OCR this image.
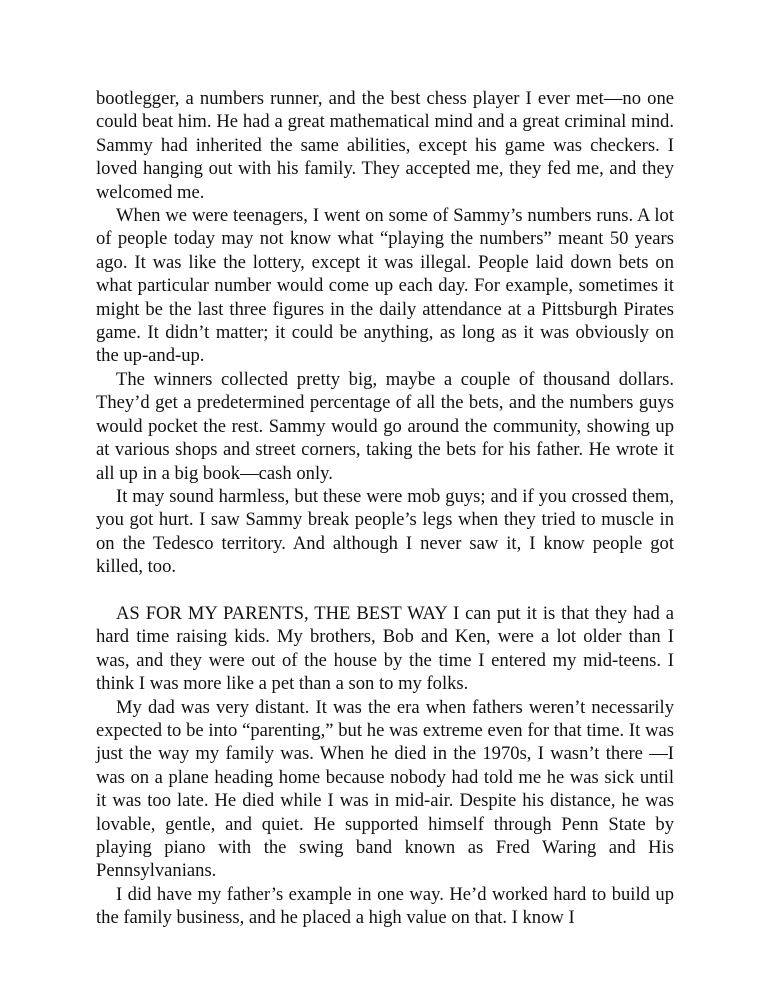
bootlegger, a numbers runner, and the best chess player I ever met—no one could beat him. He had a great mathematical mind and a great criminal mind. Sammy had inherited the same abilities, except his game was checkers. I loved hanging out with his family. They accepted me, they fed me, and they welcomed me.

When we were teenagers, I went on some of Sammy’s numbers runs. A lot of people today may not know what “playing the numbers” meant 50 years ago. It was like the lottery, except it was illegal. People laid down bets on what particular number would come up each day. For example, sometimes it might be the last three figures in the daily attendance at a Pittsburgh Pirates game. It didn’t matter; it could be anything, as long as it was obviously on the up-and-up.

The winners collected pretty big, maybe a couple of thousand dollars. They’d get a predetermined percentage of all the bets, and the numbers guys would pocket the rest. Sammy would go around the community, showing up at various shops and street corners, taking the bets for his father. He wrote it all up in a big book—cash only.

It may sound harmless, but these were mob guys; and if you crossed them, you got hurt. I saw Sammy break people’s legs when they tried to muscle in on the Tedesco territory. And although I never saw it, I know people got killed, too.

AS FOR MY PARENTS, THE BEST WAY I can put it is that they had a hard time raising kids. My brothers, Bob and Ken, were a lot older than I was, and they were out of the house by the time I entered my mid-teens. I think I was more like a pet than a son to my folks.

My dad was very distant. It was the era when fathers weren’t necessarily expected to be into “parenting,” but he was extreme even for that time. It was just the way my family was. When he died in the 1970s, I wasn’t there —I was on a plane heading home because nobody had told me he was sick until it was too late. He died while I was in mid-air. Despite his distance, he was lovable, gentle, and quiet. He supported himself through Penn State by playing piano with the swing band known as Fred Waring and His Pennsylvanians.

I did have my father’s example in one way. He’d worked hard to build up the family business, and he placed a high value on that. I know I
